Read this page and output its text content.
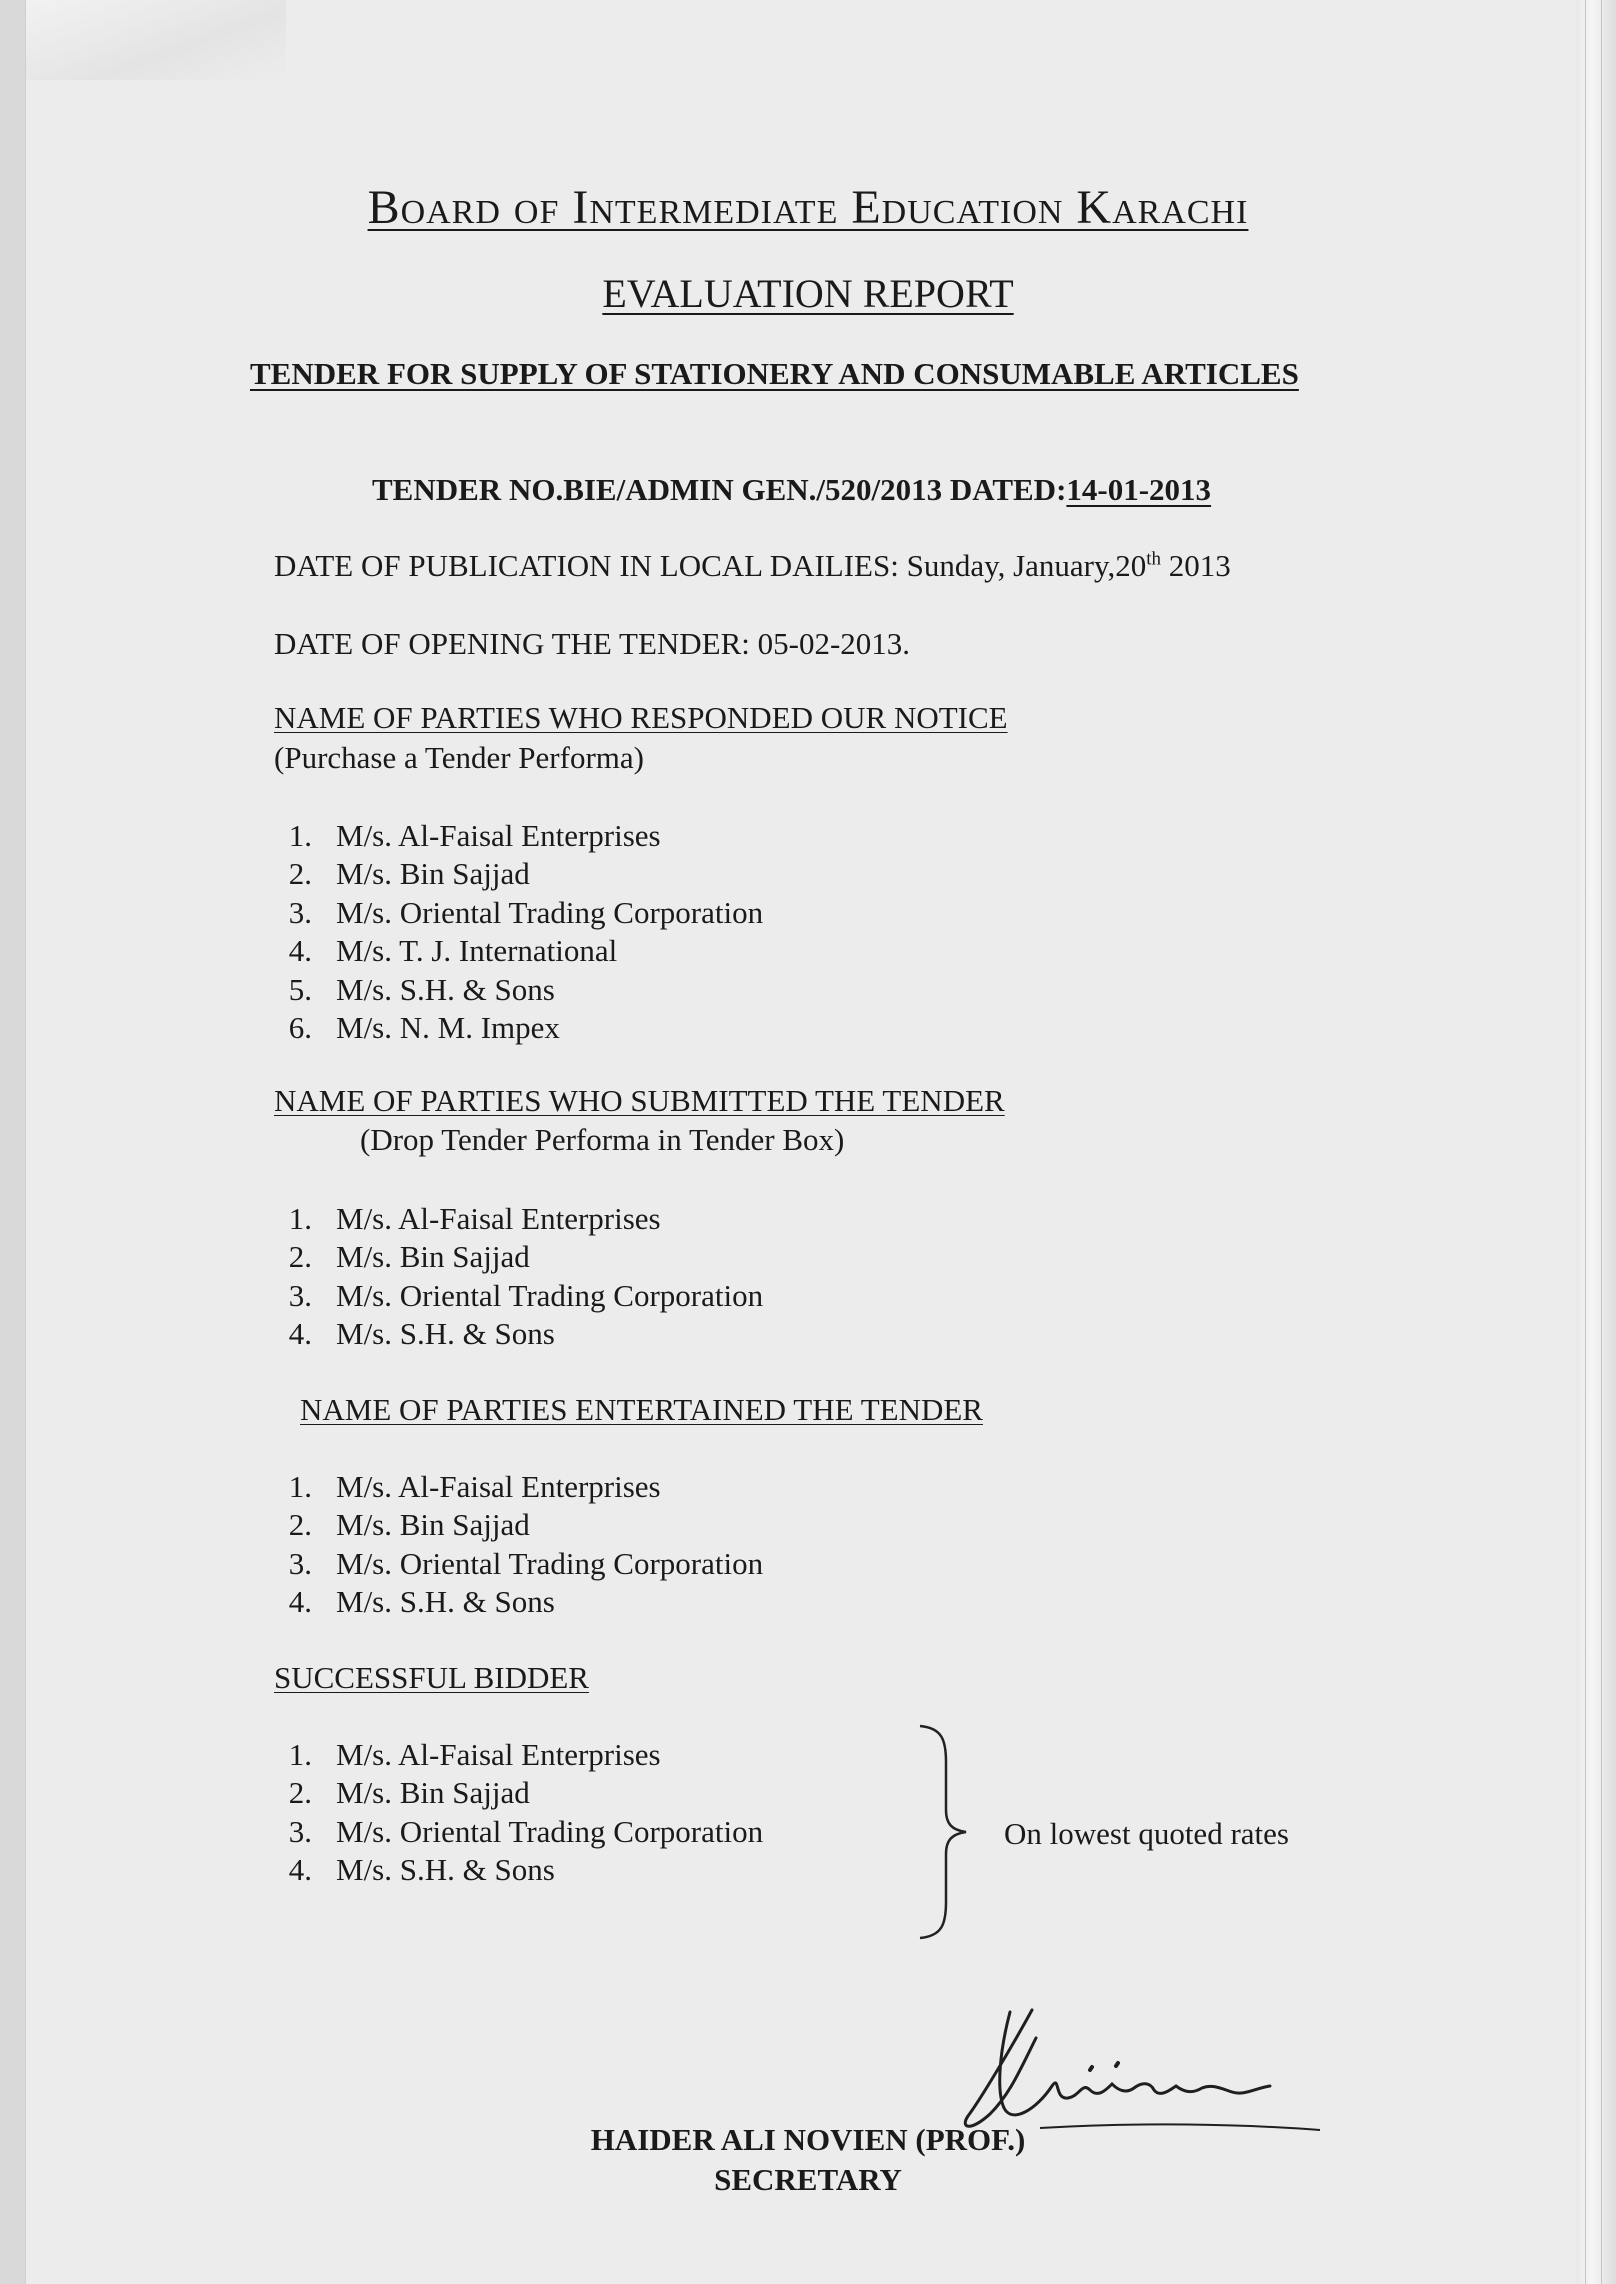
Board of Intermediate Education Karachi
EVALUATION REPORT
TENDER FOR SUPPLY OF STATIONERY AND CONSUMABLE ARTICLES
TENDER NO.BIE/ADMIN GEN./520/2013 DATED:14-01-2013
DATE OF PUBLICATION IN LOCAL DAILIES: Sunday, January,20th 2013
DATE OF OPENING THE TENDER: 05-02-2013.
NAME OF PARTIES WHO RESPONDED OUR NOTICE
(Purchase a Tender Performa)
1. M/s. Al-Faisal Enterprises
2. M/s. Bin Sajjad
3. M/s. Oriental Trading Corporation
4. M/s. T. J. International
5. M/s. S.H. & Sons
6. M/s. N. M. Impex
NAME OF PARTIES WHO SUBMITTED THE TENDER
(Drop Tender Performa in Tender Box)
1. M/s. Al-Faisal Enterprises
2. M/s. Bin Sajjad
3. M/s. Oriental Trading Corporation
4. M/s. S.H. & Sons
NAME OF PARTIES ENTERTAINED THE TENDER
1. M/s. Al-Faisal Enterprises
2. M/s. Bin Sajjad
3. M/s. Oriental Trading Corporation
4. M/s. S.H. & Sons
SUCCESSFUL BIDDER
1. M/s. Al-Faisal Enterprises
2. M/s. Bin Sajjad
3. M/s. Oriental Trading Corporation
4. M/s. S.H. & Sons
On lowest quoted rates
HAIDER ALI NOVIEN (PROF.)
SECRETARY
